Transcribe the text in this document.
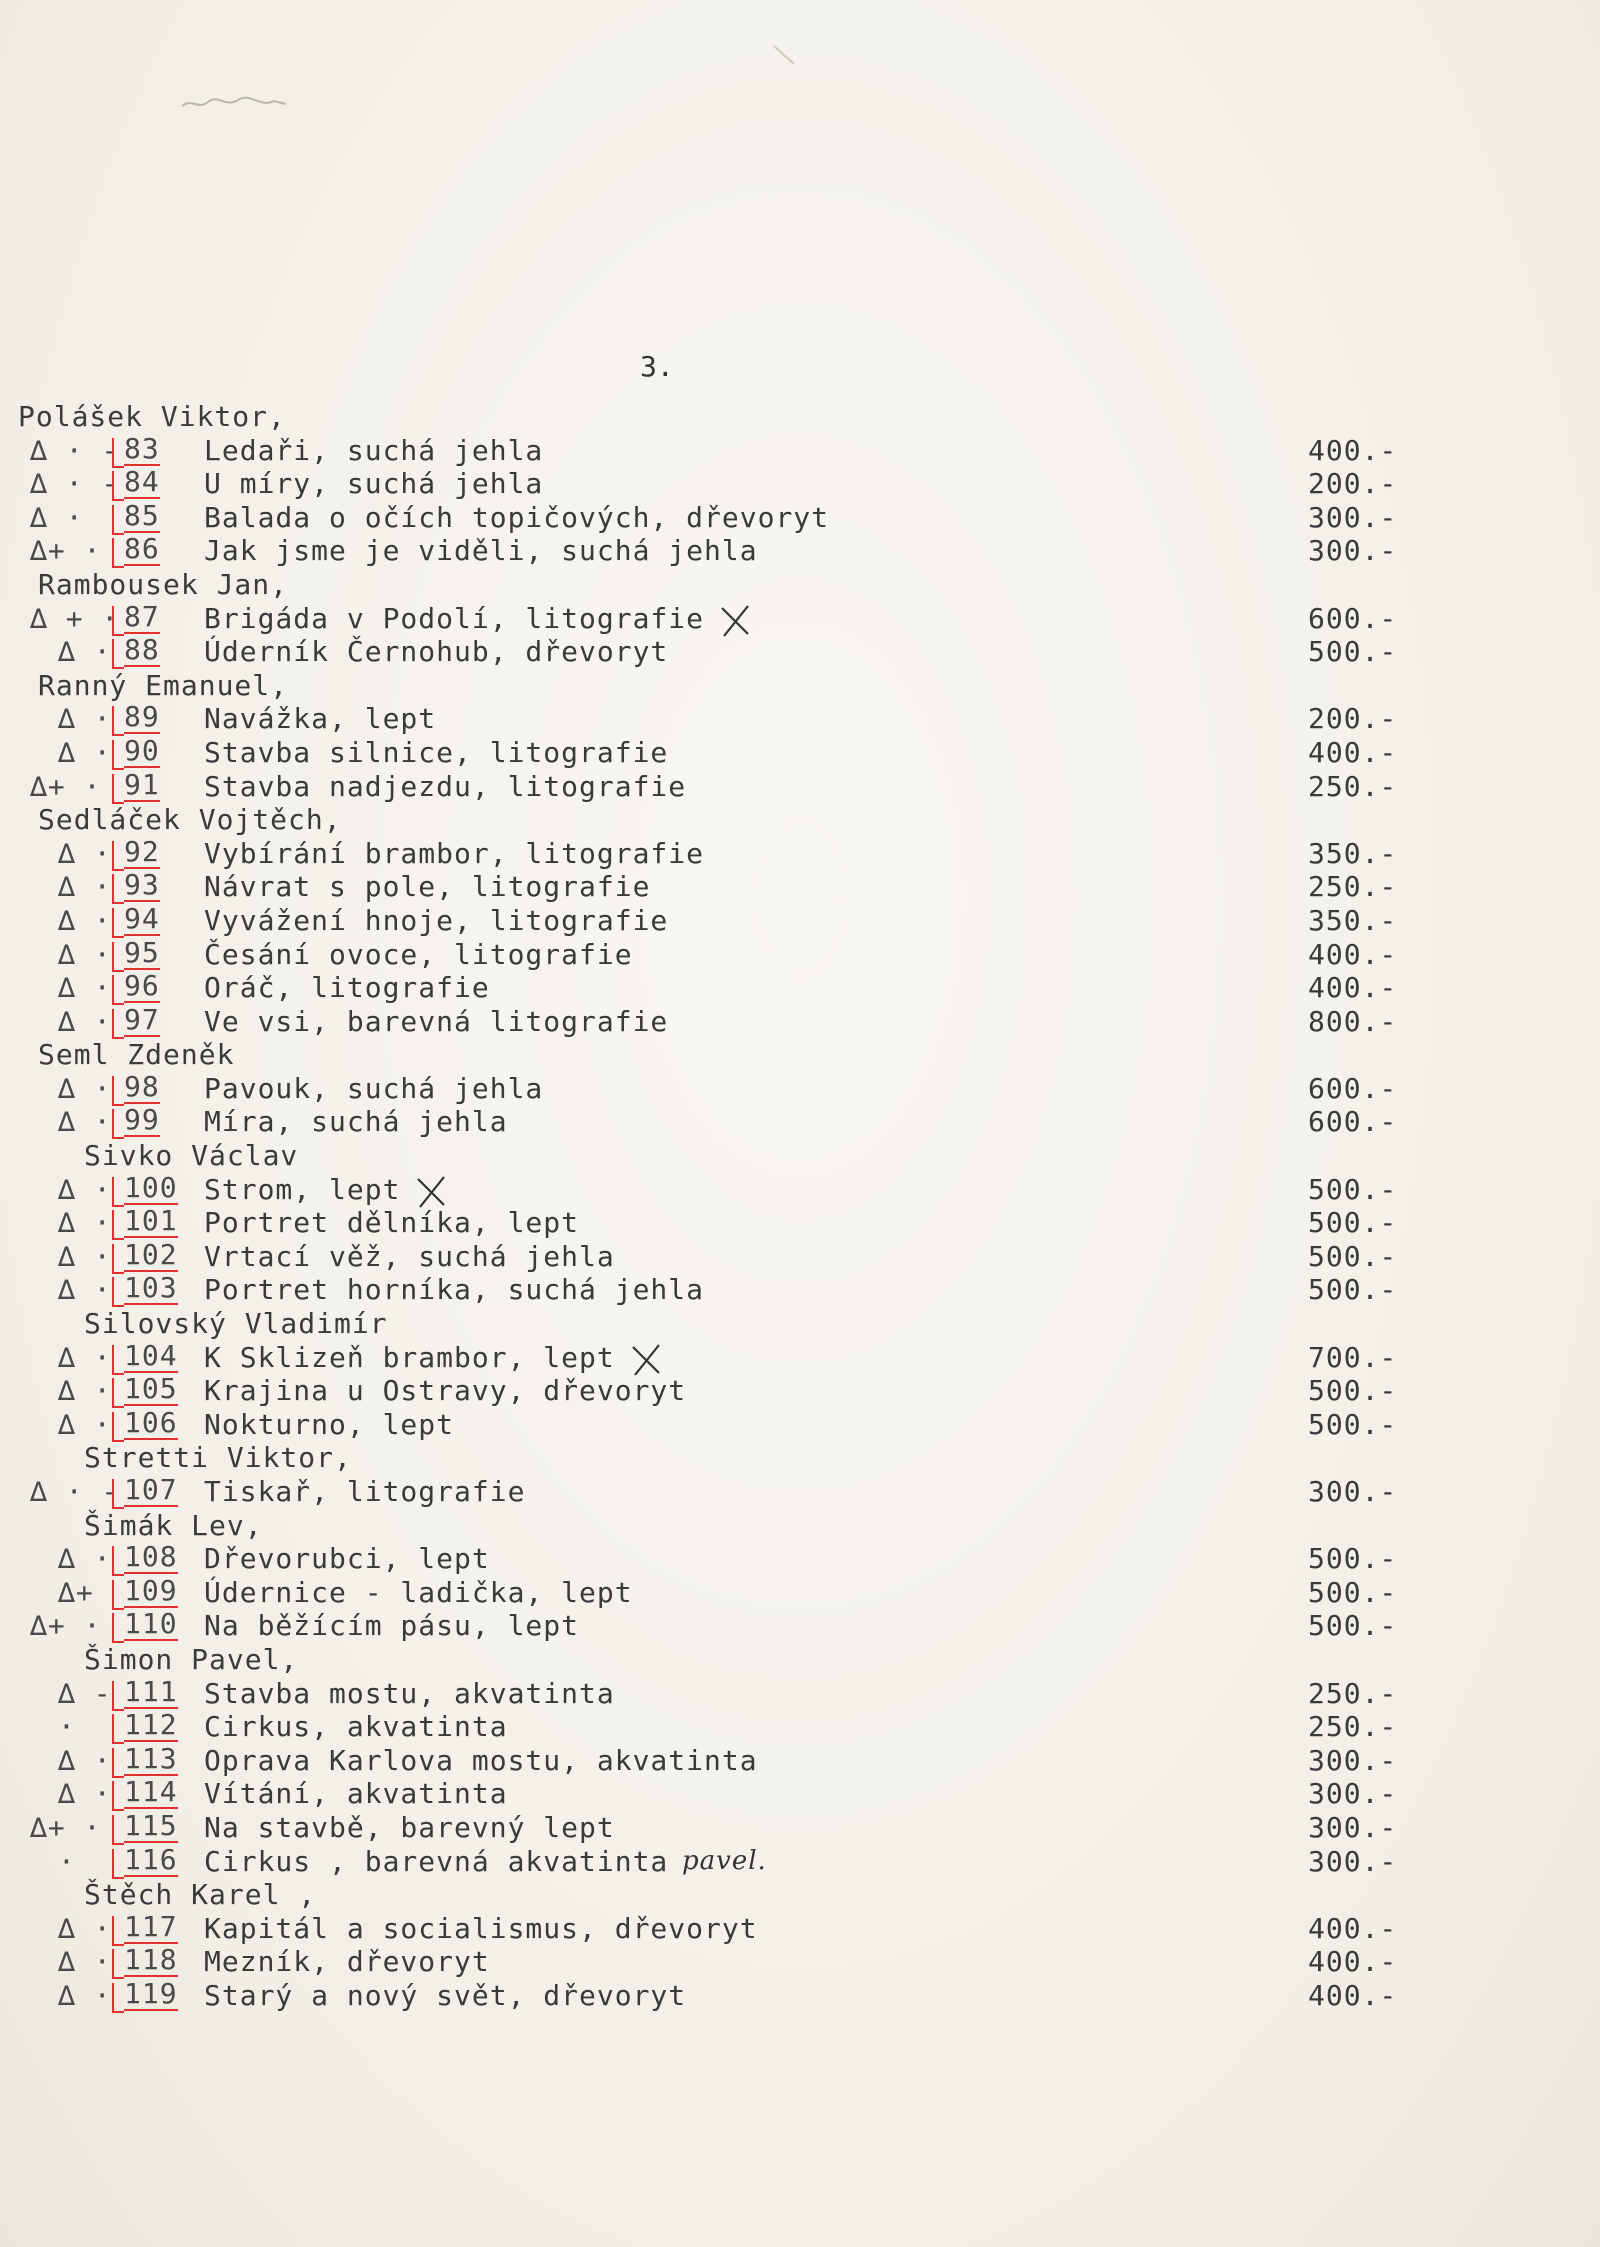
3.
Polášek Viktor,
∆ · - 83 Ledaři, suchá jehla	400.-
∆ · - 84 U míry, suchá jehla	200.-
∆ · 85 Balada o očích topičových, dřevoryt	300.-
∆+ · 86 Jak jsme je viděli, suchá jehla	300.-
Rambousek Jan,
∆ + · 87 Brigáda v Podolí, litografie	600.-
∆ · 88 Úderník Černohub, dřevoryt	500.-
Ranný Emanuel,
∆ · 89 Navážka, lept	200.-
∆ · 90 Stavba silnice, litografie	400.-
∆+ · 91 Stavba nadjezdu, litografie	250.-
Sedláček Vojtěch,
∆ · 92 Vybírání brambor, litografie	350.-
∆ · 93 Návrat s pole, litografie	250.-
∆ · 94 Vyvážení hnoje, litografie	350.-
∆ · 95 Česání ovoce, litografie	400.-
∆ · 96 Oráč, litografie	400.-
∆ · 97 Ve vsi, barevná litografie	800.-
Seml Zdeněk
∆ · 98 Pavouk, suchá jehla	600.-
∆ · 99 Míra, suchá jehla	600.-
Sivko Václav
∆ · 100 Strom, lept	500.-
∆ · 101 Portret dělníka, lept	500.-
∆ · 102 Vrtací věž, suchá jehla	500.-
∆ · 103 Portret horníka, suchá jehla	500.-
Silovský Vladimír
∆ · 104 K Sklizeň brambor, lept	700.-
∆ · 105 Krajina u Ostravy, dřevoryt	500.-
∆ · 106 Nokturno, lept	500.-
Stretti Viktor,
∆ · - 107 Tiskař, litografie	300.-
Šimák Lev,
∆ · 108 Dřevorubci, lept	500.-
∆+ 109 Údernice - ladička, lept	500.-
∆+ · 110 Na běžícím pásu, lept	500.-
Šimon Pavel,
∆ - 111 Stavba mostu, akvatinta	250.-
· 112 Cirkus, akvatinta	250.-
∆ · 113 Oprava Karlova mostu, akvatinta	300.-
∆ · 114 Vítání, akvatinta	300.-
∆+ · 115 Na stavbě, barevný lept	300.-
· 116 Cirkus , barevná akvatinta pavel.	300.-
Štěch Karel ,
∆ · 117 Kapitál a socialismus, dřevoryt	400.-
∆ · 118 Mezník, dřevoryt	400.-
∆ · 119 Starý a nový svět, dřevoryt	400.-
